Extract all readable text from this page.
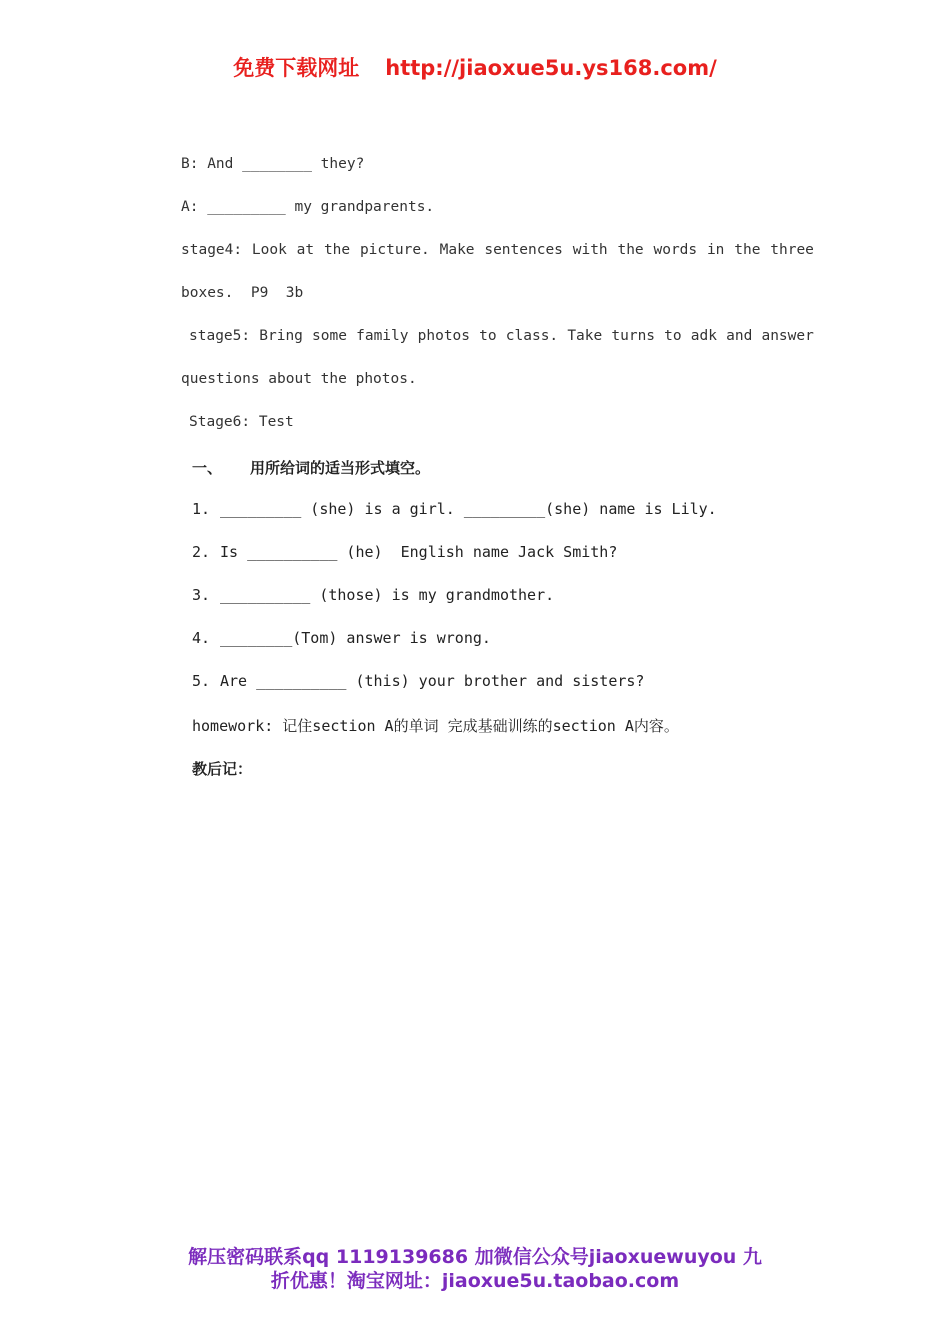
免费下载网址 http://jiaoxue5u.ys168.com/
B: And ________ they?
A: _________ my grandparents.
stage4: Look at the picture. Make sentences with the words in the three
boxes.  P9  3b
stage5: Bring some family photos to class. Take turns to adk and answer
questions about the photos.
Stage6: Test
一、 用所给词的适当形式填空。
1. _________ (she) is a girl. _________(she) name is Lily.
2. Is __________ (he)  English name Jack Smith?
3. __________ (those) is my grandmother.
4. ________(Tom) answer is wrong.
5. Are __________ (this) your brother and sisters?
homework: 记住section A的单词 完成基础训练的section A内容。
教后记：
解压密码联系qq 1119139686 加微信公众号jiaoxuewuyou 九
折优惠！淘宝网址：jiaoxue5u.taobao.com
